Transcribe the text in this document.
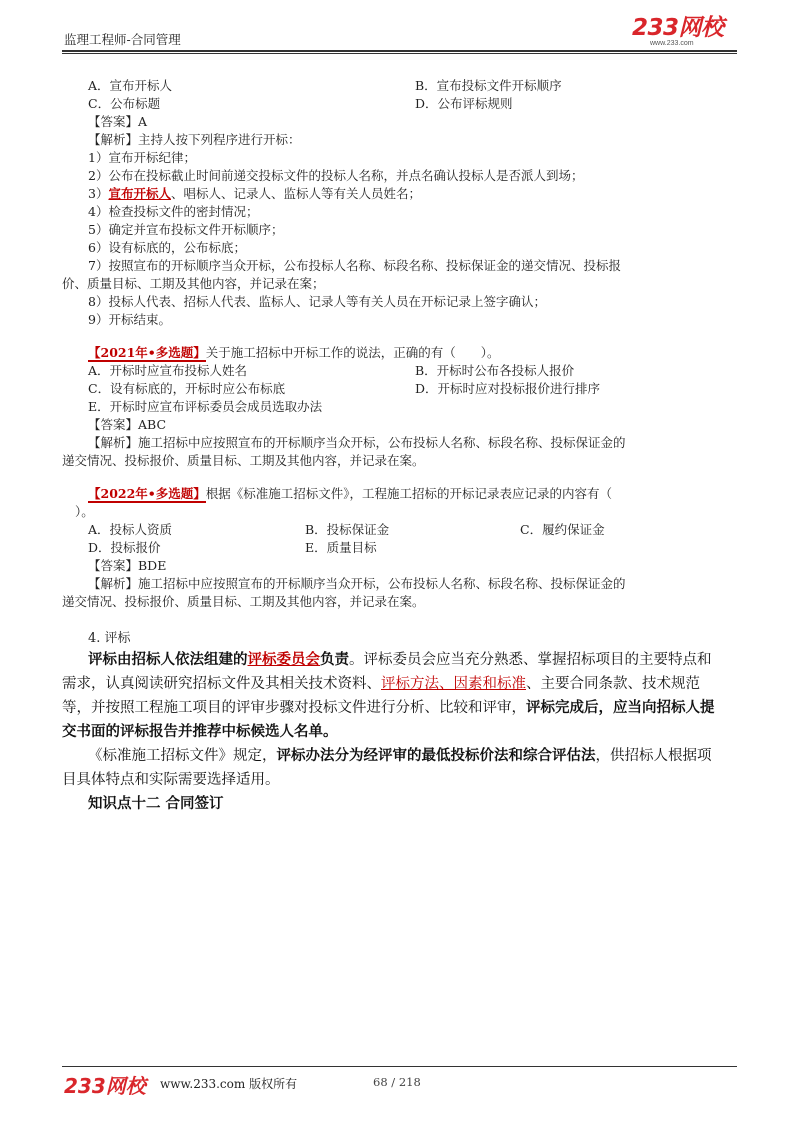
监理工程师-合同管理	233网校
www.233.com
A．宣布开标人	B．宣布投标文件开标顺序
C．公布标题	D．公布评标规则
【答案】A
【解析】主持人按下列程序进行开标：
1）宣布开标纪律；
2）公布在投标截止时间前递交投标文件的投标人名称，并点名确认投标人是否派人到场；
3）宣布开标人、唱标人、记录人、监标人等有关人员姓名；
4）检查投标文件的密封情况；
5）确定并宣布投标文件开标顺序；
6）设有标底的，公布标底；
7）按照宣布的开标顺序当众开标，公布投标人名称、标段名称、投标保证金的递交情况、投标报
价、质量目标、工期及其他内容，并记录在案；
8）投标人代表、招标人代表、监标人、记录人等有关人员在开标记录上签字确认；
9）开标结束。
【2021年•多选题】关于施工招标中开标工作的说法，正确的有（　　）。
A．开标时应宣布投标人姓名	B．开标时公布各投标人报价
C．设有标底的，开标时应公布标底	D．开标时应对投标报价进行排序
E．开标时应宣布评标委员会成员选取办法
【答案】ABC
【解析】施工招标中应按照宣布的开标顺序当众开标，公布投标人名称、标段名称、投标保证金的
递交情况、投标报价、质量目标、工期及其他内容，并记录在案。
【2022年•多选题】根据《标准施工招标文件》，工程施工招标的开标记录表应记录的内容有（
）。
A．投标人资质	B．投标保证金	C．履约保证金
D．投标报价	E．质量目标
【答案】BDE
【解析】施工招标中应按照宣布的开标顺序当众开标，公布投标人名称、标段名称、投标保证金的
递交情况、投标报价、质量目标、工期及其他内容，并记录在案。
4. 评标
评标由招标人依法组建的评标委员会负责。评标委员会应当充分熟悉、掌握招标项目的主要特点和
需求，认真阅读研究招标文件及其相关技术资料、评标方法、因素和标准、主要合同条款、技术规范
等，并按照工程施工项目的评审步骤对投标文件进行分析、比较和评审，评标完成后，应当向招标人提
交书面的评标报告并推荐中标候选人名单。
《标准施工招标文件》规定，评标办法分为经评审的最低投标价法和综合评估法，供招标人根据项
目具体特点和实际需要选择适用。
知识点十二 合同签订
233网校 www.233.com 版权所有	68 / 218
